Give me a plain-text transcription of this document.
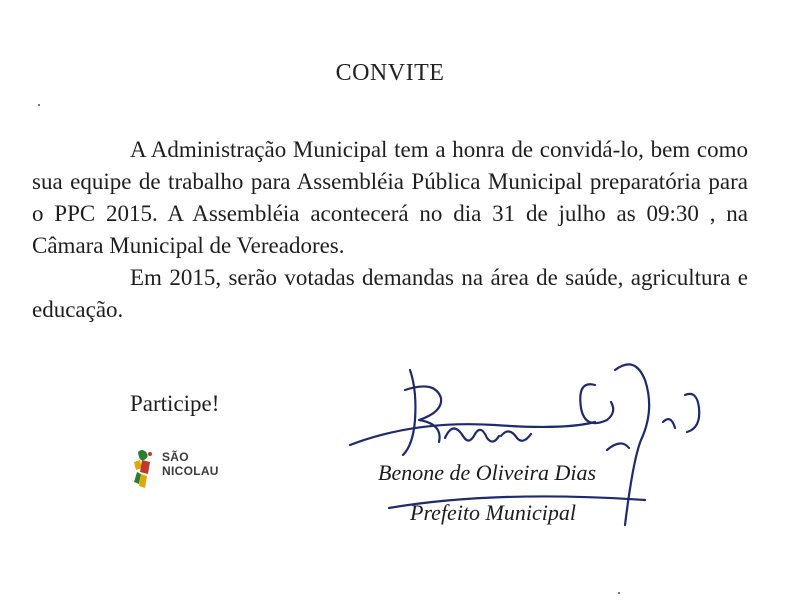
CONVITE

A Administração Municipal tem a honra de convidá-lo, bem como sua equipe de trabalho para Assembléia Pública Municipal preparatória para o PPC 2015. A Assembléia acontecerá no dia 31 de julho as 09:30 , na Câmara Municipal de Vereadores.

Em 2015, serão votadas demandas na área de saúde, agricultura e educação.

Participe!
SÃO
NICOLAU	Benone de Oliveira Dias
Prefeito Municipal
